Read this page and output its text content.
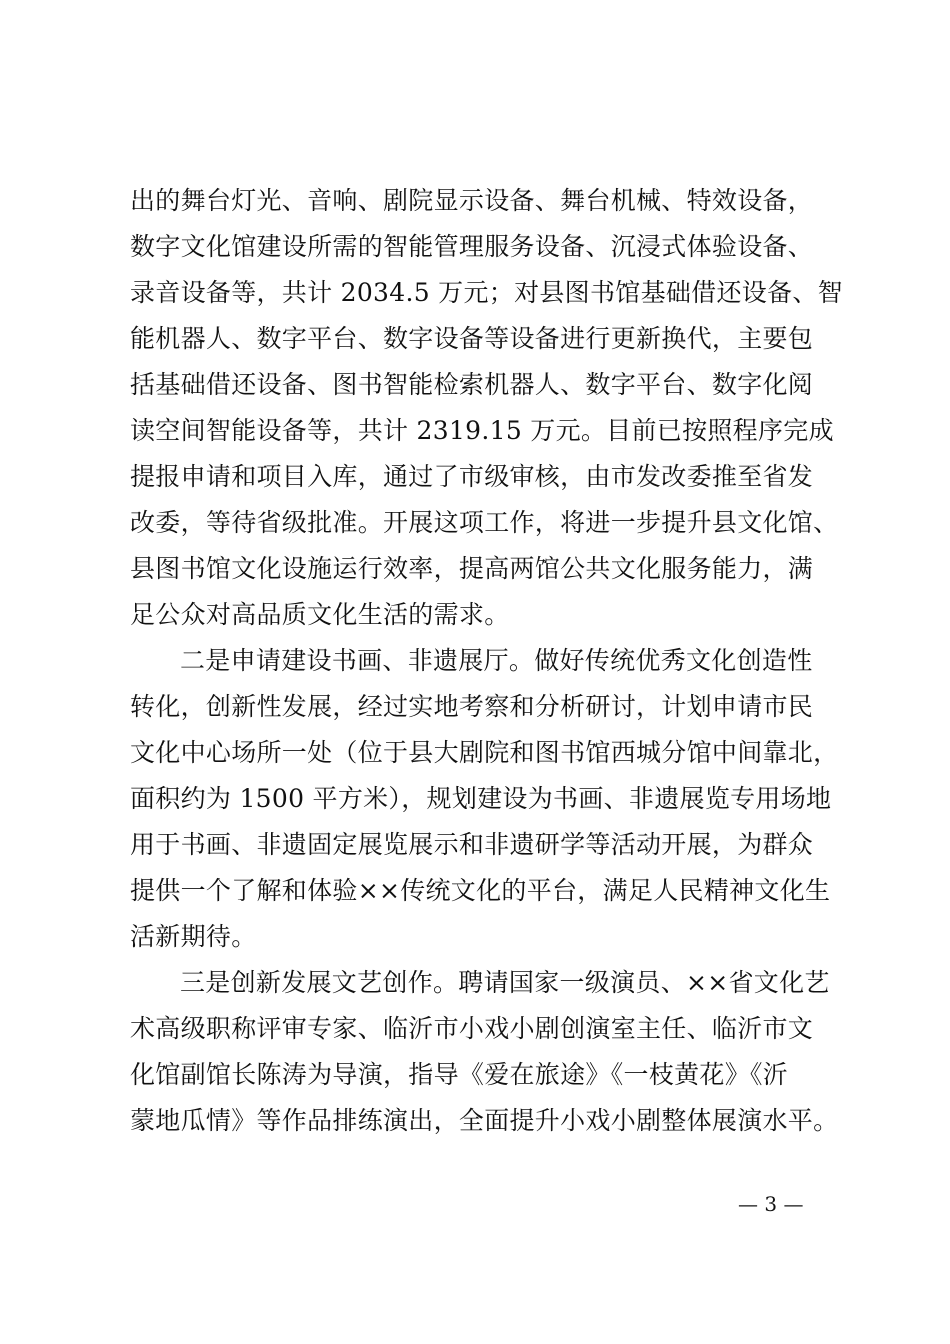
出的舞台灯光、音响、剧院显示设备、舞台机械、特效设备，
数字文化馆建设所需的智能管理服务设备、沉浸式体验设备、
录音设备等，共计 2034.5 万元；对县图书馆基础借还设备、智
能机器人、数字平台、数字设备等设备进行更新换代，主要包
括基础借还设备、图书智能检索机器人、数字平台、数字化阅
读空间智能设备等，共计 2319.15 万元。目前已按照程序完成
提报申请和项目入库，通过了市级审核，由市发改委推至省发
改委，等待省级批准。开展这项工作，将进一步提升县文化馆、
县图书馆文化设施运行效率，提高两馆公共文化服务能力，满
足公众对高品质文化生活的需求。
二是申请建设书画、非遗展厅。做好传统优秀文化创造性
转化，创新性发展，经过实地考察和分析研讨，计划申请市民
文化中心场所一处（位于县大剧院和图书馆西城分馆中间靠北，
面积约为 1500 平方米），规划建设为书画、非遗展览专用场地
用于书画、非遗固定展览展示和非遗研学等活动开展，为群众
提供一个了解和体验××传统文化的平台，满足人民精神文化生
活新期待。
三是创新发展文艺创作。聘请国家一级演员、××省文化艺
术高级职称评审专家、临沂市小戏小剧创演室主任、临沂市文
化馆副馆长陈涛为导演，指导《爱在旅途》《一枝黄花》《沂
蒙地瓜情》等作品排练演出，全面提升小戏小剧整体展演水平。
— 3 —
